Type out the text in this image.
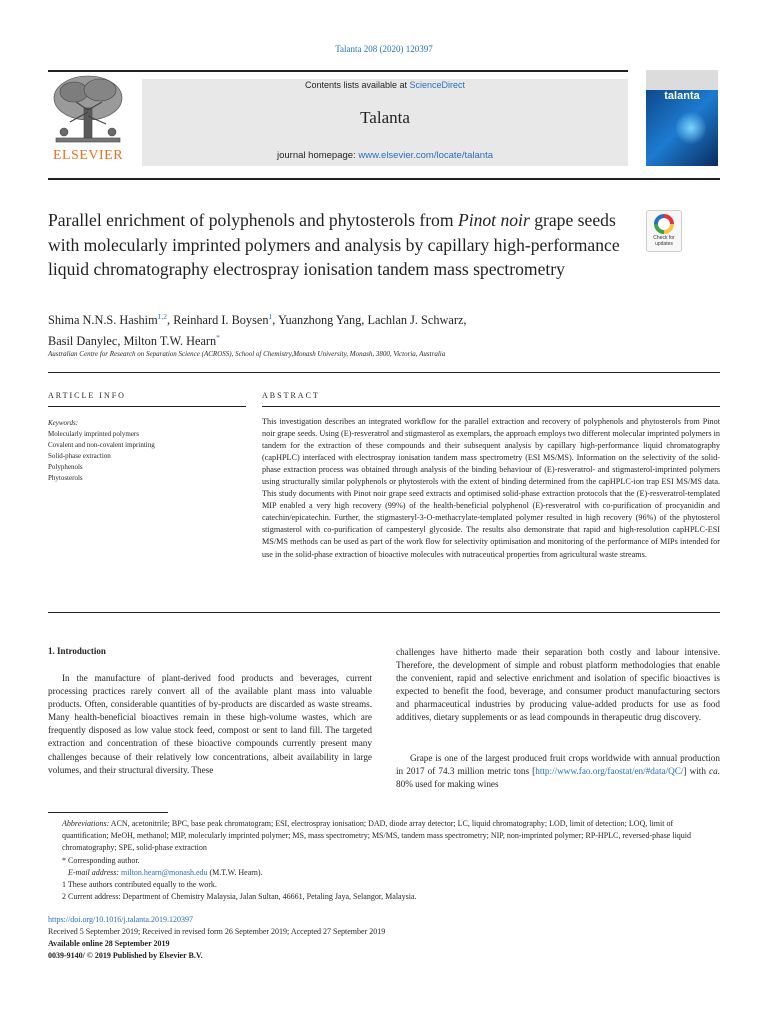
Talanta 208 (2020) 120397
ELSEVIER
Contents lists available at ScienceDirect
Talanta
journal homepage: www.elsevier.com/locate/talanta
talanta
Parallel enrichment of polyphenols and phytosterols from Pinot noir grape seeds with molecularly imprinted polymers and analysis by capillary high-performance liquid chromatography electrospray ionisation tandem mass spectrometry
Check for updates
Shima N.N.S. Hashim$^{1,2}$, Reinhard I. Boysen$^1$, Yuanzhong Yang, Lachlan J. Schwarz,
Basil Danylec, Milton T.W. Hearn*
Australian Centre for Research on Separation Science (ACROSS), School of Chemistry,Monash University, Monash, 3800, Victoria, Australia
ARTICLE INFO	ABSTRACT
Keywords:
Molecularly imprinted polymers
Covalent and non-covalent imprinting
Solid-phase extraction
Polyphenols
Phytosterols
This investigation describes an integrated workflow for the parallel extraction and recovery of polyphenols and phytosterols from Pinot noir grape seeds. Using (E)-resveratrol and stigmasterol as exemplars, the approach employs two different molecular imprinted polymers in tandem for the extraction of these compounds and their subsequent analysis by capillary high-performance liquid chromatography (capHPLC) interfaced with electrospray ionisation tandem mass spectrometry (ESI MS/MS). Information on the selectivity of the solid-phase extraction process was obtained through analysis of the binding behaviour of (E)-resveratrol- and stigmasterol-imprinted polymers using structurally similar polyphenols or phytosterols with the extent of binding determined from the capHPLC-ion trap ESI MS/MS data. This study documents with Pinot noir grape seed extracts and optimised solid-phase extraction protocols that the (E)-resveratrol-templated MIP enabled a very high recovery (99%) of the health-beneficial polyphenol (E)-resveratrol with co-purification of procyanidin and catechin/epicatechin. Further, the stigmasteryl-3-O-methacrylate-templated polymer resulted in high recovery (96%) of the phytosterol stigmasterol with co-purification of campesteryl glycoside. The results also demonstrate that rapid and high-resolution capHPLC-ESI MS/MS methods can be used as part of the work flow for selectivity optimisation and monitoring of the performance of MIPs intended for use in the solid-phase extraction of bioactive molecules with nutraceutical properties from agricultural waste streams.
1. Introduction
In the manufacture of plant-derived food products and beverages, current processing practices rarely convert all of the available plant mass into valuable products. Often, considerable quantities of by-products are discarded as waste streams. Many health-beneficial bioactives remain in these high-volume wastes, which are frequently disposed as low value stock feed, compost or sent to land fill. The targeted extraction and concentration of these bioactive compounds currently present many challenges because of their relatively low concentrations, albeit availability in large volumes, and their structural diversity. These
challenges have hitherto made their separation both costly and labour intensive. Therefore, the development of simple and robust platform methodologies that enable the convenient, rapid and selective enrichment and isolation of specific bioactives is expected to benefit the food, beverage, and consumer product manufacturing sectors and pharmaceutical industries by producing value-added products for use as food additives, dietary supplements or as lead compounds in therapeutic drug discovery.
Grape is one of the largest produced fruit crops worldwide with annual production in 2017 of 74.3 million metric tons [http://www.fao.org/faostat/en/#data/QC/] with ca. 80% used for making wines

Abbreviations: ACN, acetonitrile; BPC, base peak chromatogram; ESI, electrospray ionisation; DAD, diode array detector; LC, liquid chromatography; LOD, limit of detection; LOQ, limit of quantification; MeOH, methanol; MIP, molecularly imprinted polymer; MS, mass spectrometry; MS/MS, tandem mass spectrometry; NIP, non-imprinted polymer; RP-HPLC, reversed-phase liquid chromatography; SPE, solid-phase extraction

* Corresponding author.

E-mail address: milton.hearn@monash.edu (M.T.W. Hearn).

1 These authors contributed equally to the work.

2 Current address: Department of Chemistry Malaysia, Jalan Sultan, 46661, Petaling Jaya, Selangor, Malaysia.

https://doi.org/10.1016/j.talanta.2019.120397

Received 5 September 2019; Received in revised form 26 September 2019; Accepted 27 September 2019

Available online 28 September 2019

0039-9140/ © 2019 Published by Elsevier B.V.
